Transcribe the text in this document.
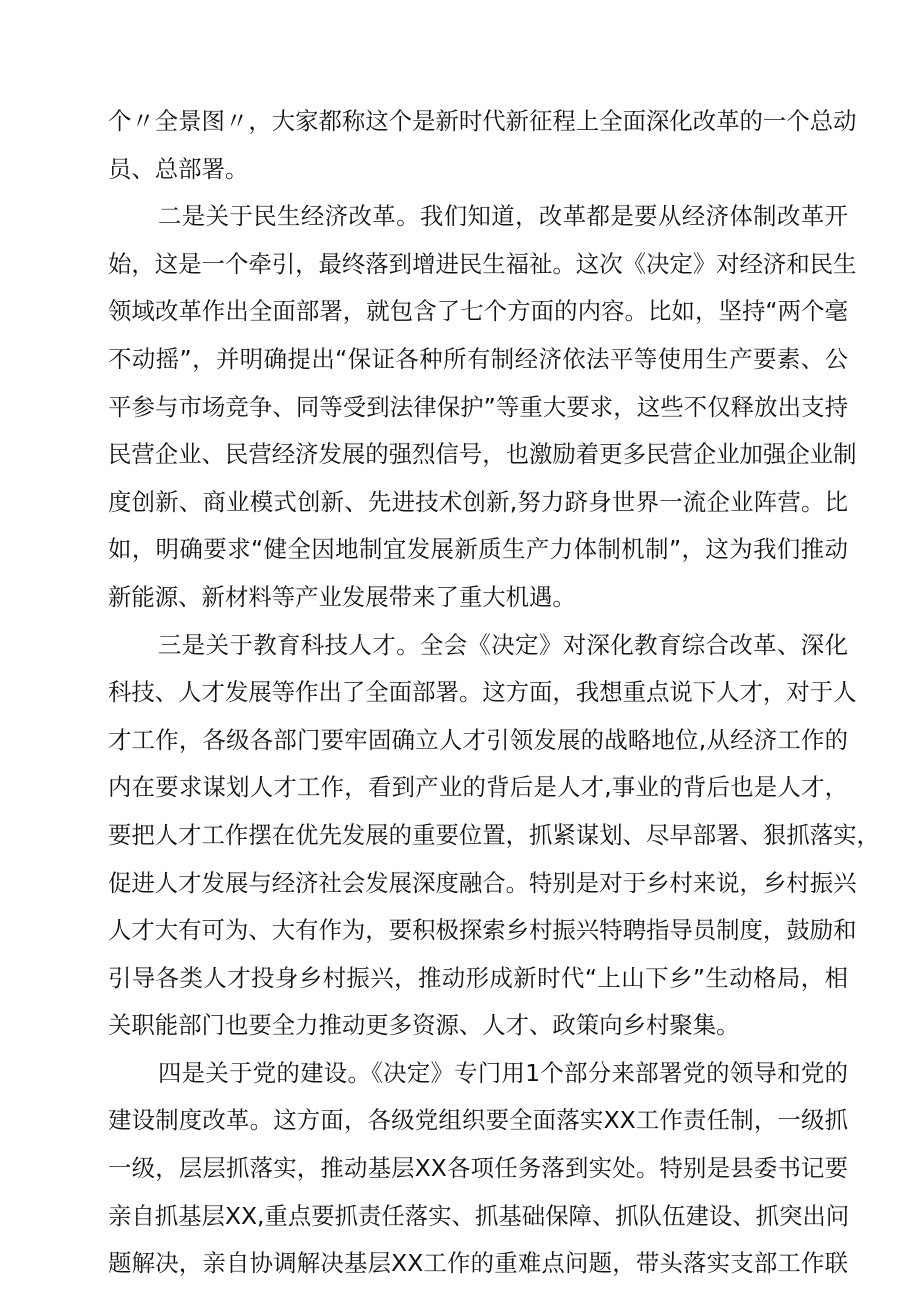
个〃全景图〃，大家都称这个是新时代新征程上全面深化改革的一个总动
员、总部署。
二是关于民生经济改革。我们知道，改革都是要从经济体制改革开
始，这是一个牵引，最终落到增进民生福祉。这次《决定》对经济和民生
领域改革作出全面部署，就包含了七个方面的内容。比如，坚持“两个毫
不动摇”，并明确提出“保证各种所有制经济依法平等使用生产要素、公
平参与市场竞争、同等受到法律保护”等重大要求，这些不仅释放出支持
民营企业、民营经济发展的强烈信号，也激励着更多民营企业加强企业制
度创新、商业模式创新、先进技术创新,努力跻身世界一流企业阵营。比
如，明确要求“健全因地制宜发展新质生产力体制机制”，这为我们推动
新能源、新材料等产业发展带来了重大机遇。
三是关于教育科技人才。全会《决定》对深化教育综合改革、深化
科技、人才发展等作出了全面部署。这方面，我想重点说下人才，对于人
才工作，各级各部门要牢固确立人才引领发展的战略地位,从经济工作的
内在要求谋划人才工作，看到产业的背后是人才,事业的背后也是人才，
要把人才工作摆在优先发展的重要位置，抓紧谋划、尽早部署、狠抓落实，
促进人才发展与经济社会发展深度融合。特别是对于乡村来说，乡村振兴
人才大有可为、大有作为，要积极探索乡村振兴特聘指导员制度，鼓励和
引导各类人才投身乡村振兴，推动形成新时代“上山下乡”生动格局，相
关职能部门也要全力推动更多资源、人才、政策向乡村聚集。
四是关于党的建设。《决定》专门用1个部分来部署党的领导和党的
建设制度改革。这方面，各级党组织要全面落实XX工作责任制，一级抓
一级，层层抓落实，推动基层XX各项任务落到实处。特别是县委书记要
亲自抓基层XX,重点要抓责任落实、抓基础保障、抓队伍建设、抓突出问
题解决，亲自协调解决基层XX工作的重难点问题，带头落实支部工作联
